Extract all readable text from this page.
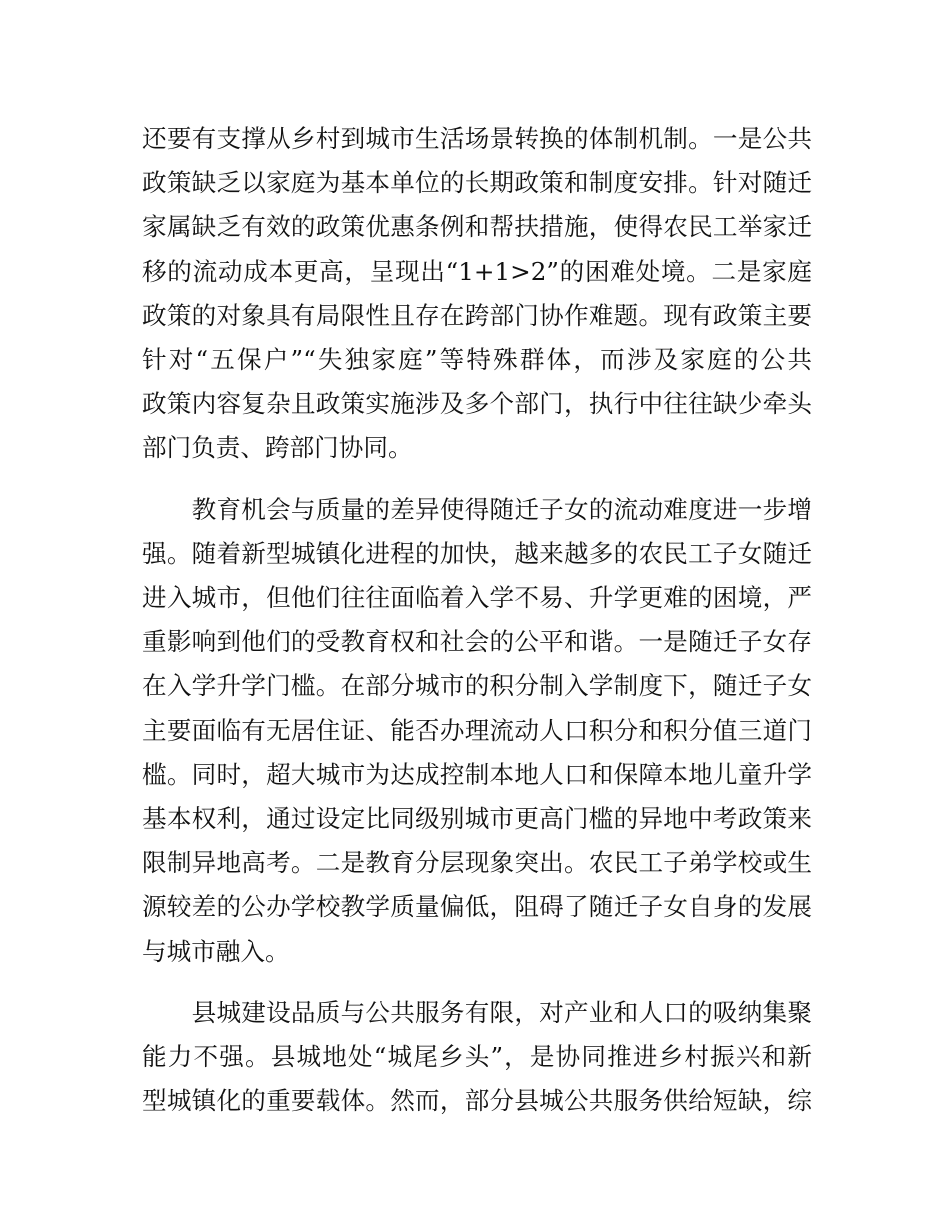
还要有支撑从乡村到城市生活场景转换的体制机制。一是公共
政策缺乏以家庭为基本单位的长期政策和制度安排。针对随迁
家属缺乏有效的政策优惠条例和帮扶措施，使得农民工举家迁
移的流动成本更高，呈现出“1+1>2”的困难处境。二是家庭
政策的对象具有局限性且存在跨部门协作难题。现有政策主要
针对“五保户”“失独家庭”等特殊群体，而涉及家庭的公共
政策内容复杂且政策实施涉及多个部门，执行中往往缺少牵头
部门负责、跨部门协同。
　　教育机会与质量的差异使得随迁子女的流动难度进一步增
强。随着新型城镇化进程的加快，越来越多的农民工子女随迁
进入城市，但他们往往面临着入学不易、升学更难的困境，严
重影响到他们的受教育权和社会的公平和谐。一是随迁子女存
在入学升学门槛。在部分城市的积分制入学制度下，随迁子女
主要面临有无居住证、能否办理流动人口积分和积分值三道门
槛。同时，超大城市为达成控制本地人口和保障本地儿童升学
基本权利，通过设定比同级别城市更高门槛的异地中考政策来
限制异地高考。二是教育分层现象突出。农民工子弟学校或生
源较差的公办学校教学质量偏低，阻碍了随迁子女自身的发展
与城市融入。
　　县城建设品质与公共服务有限，对产业和人口的吸纳集聚
能力不强。县城地处“城尾乡头”，是协同推进乡村振兴和新
型城镇化的重要载体。然而，部分县城公共服务供给短缺，综
